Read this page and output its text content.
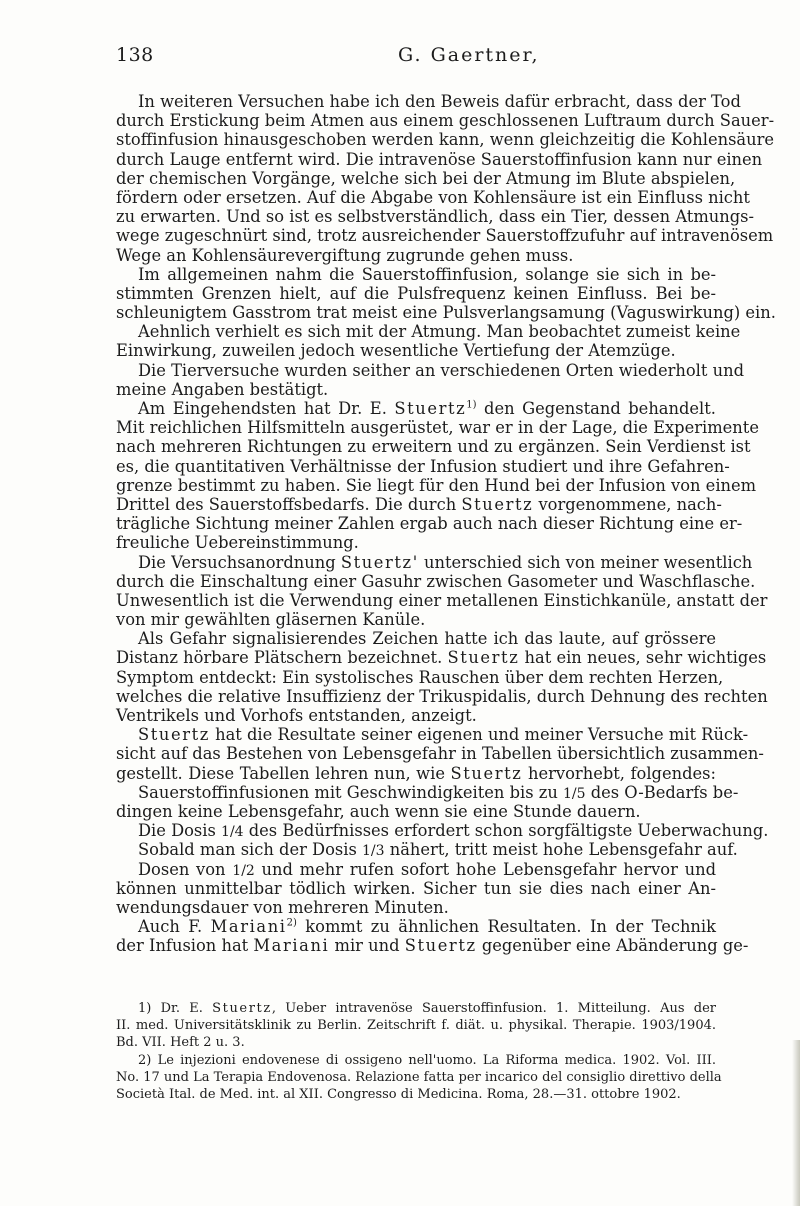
138	G. Gaertner,
In weiteren Versuchen habe ich den Beweis dafür erbracht, dass der Tod
durch Erstickung beim Atmen aus einem geschlossenen Luftraum durch Sauer-
stoffinfusion hinausgeschoben werden kann, wenn gleichzeitig die Kohlensäure
durch Lauge entfernt wird. Die intravenöse Sauerstoffinfusion kann nur einen
der chemischen Vorgänge, welche sich bei der Atmung im Blute abspielen,
fördern oder ersetzen. Auf die Abgabe von Kohlensäure ist ein Einfluss nicht
zu erwarten. Und so ist es selbstverständlich, dass ein Tier, dessen Atmungs-
wege zugeschnürt sind, trotz ausreichender Sauerstoffzufuhr auf intravenösem
Wege an Kohlensäurevergiftung zugrunde gehen muss.
Im allgemeinen nahm die Sauerstoffinfusion, solange sie sich in be-
stimmten Grenzen hielt, auf die Pulsfrequenz keinen Einfluss. Bei be-
schleunigtem Gasstrom trat meist eine Pulsverlangsamung (Vaguswirkung) ein.
Aehnlich verhielt es sich mit der Atmung. Man beobachtet zumeist keine
Einwirkung, zuweilen jedoch wesentliche Vertiefung der Atemzüge.
Die Tierversuche wurden seither an verschiedenen Orten wiederholt und
meine Angaben bestätigt.
Am Eingehendsten hat Dr. E. Stuertz$^{1)}$ den Gegenstand behandelt.
Mit reichlichen Hilfsmitteln ausgerüstet, war er in der Lage, die Experimente
nach mehreren Richtungen zu erweitern und zu ergänzen. Sein Verdienst ist
es, die quantitativen Verhältnisse der Infusion studiert und ihre Gefahren-
grenze bestimmt zu haben. Sie liegt für den Hund bei der Infusion von einem
Drittel des Sauerstoffsbedarfs. Die durch Stuertz vorgenommene, nach-
trägliche Sichtung meiner Zahlen ergab auch nach dieser Richtung eine er-
freuliche Uebereinstimmung.
Die Versuchsanordnung Stuertz' unterschied sich von meiner wesentlich
durch die Einschaltung einer Gasuhr zwischen Gasometer und Waschflasche.
Unwesentlich ist die Verwendung einer metallenen Einstichkanüle, anstatt der
von mir gewählten gläsernen Kanüle.
Als Gefahr signalisierendes Zeichen hatte ich das laute, auf grössere
Distanz hörbare Plätschern bezeichnet. Stuertz hat ein neues, sehr wichtiges
Symptom entdeckt: Ein systolisches Rauschen über dem rechten Herzen,
welches die relative Insuffizienz der Trikuspidalis, durch Dehnung des rechten
Ventrikels und Vorhofs entstanden, anzeigt.
Stuertz hat die Resultate seiner eigenen und meiner Versuche mit Rück-
sicht auf das Bestehen von Lebensgefahr in Tabellen übersichtlich zusammen-
gestellt. Diese Tabellen lehren nun, wie Stuertz hervorhebt, folgendes:
Sauerstoffinfusionen mit Geschwindigkeiten bis zu 1/5 des O-Bedarfs be-
dingen keine Lebensgefahr, auch wenn sie eine Stunde dauern.
Die Dosis 1/4 des Bedürfnisses erfordert schon sorgfältigste Ueberwachung.
Sobald man sich der Dosis 1/3 nähert, tritt meist hohe Lebensgefahr auf.
Dosen von 1/2 und mehr rufen sofort hohe Lebensgefahr hervor und
können unmittelbar tödlich wirken. Sicher tun sie dies nach einer An-
wendungsdauer von mehreren Minuten.
Auch F. Mariani$^{2)}$ kommt zu ähnlichen Resultaten. In der Technik
der Infusion hat Mariani mir und Stuertz gegenüber eine Abänderung ge-
1) Dr. E. Stuertz, Ueber intravenöse Sauerstoffinfusion. 1. Mitteilung. Aus der
II. med. Universitätsklinik zu Berlin. Zeitschrift f. diät. u. physikal. Therapie. 1903/1904.
Bd. VII. Heft 2 u. 3.
2) Le injezioni endovenese di ossigeno nell'uomo. La Riforma medica. 1902. Vol. III.
No. 17 und La Terapia Endovenosa. Relazione fatta per incarico del consiglio direttivo della
Società Ital. de Med. int. al XII. Congresso di Medicina. Roma, 28.—31. ottobre 1902.
